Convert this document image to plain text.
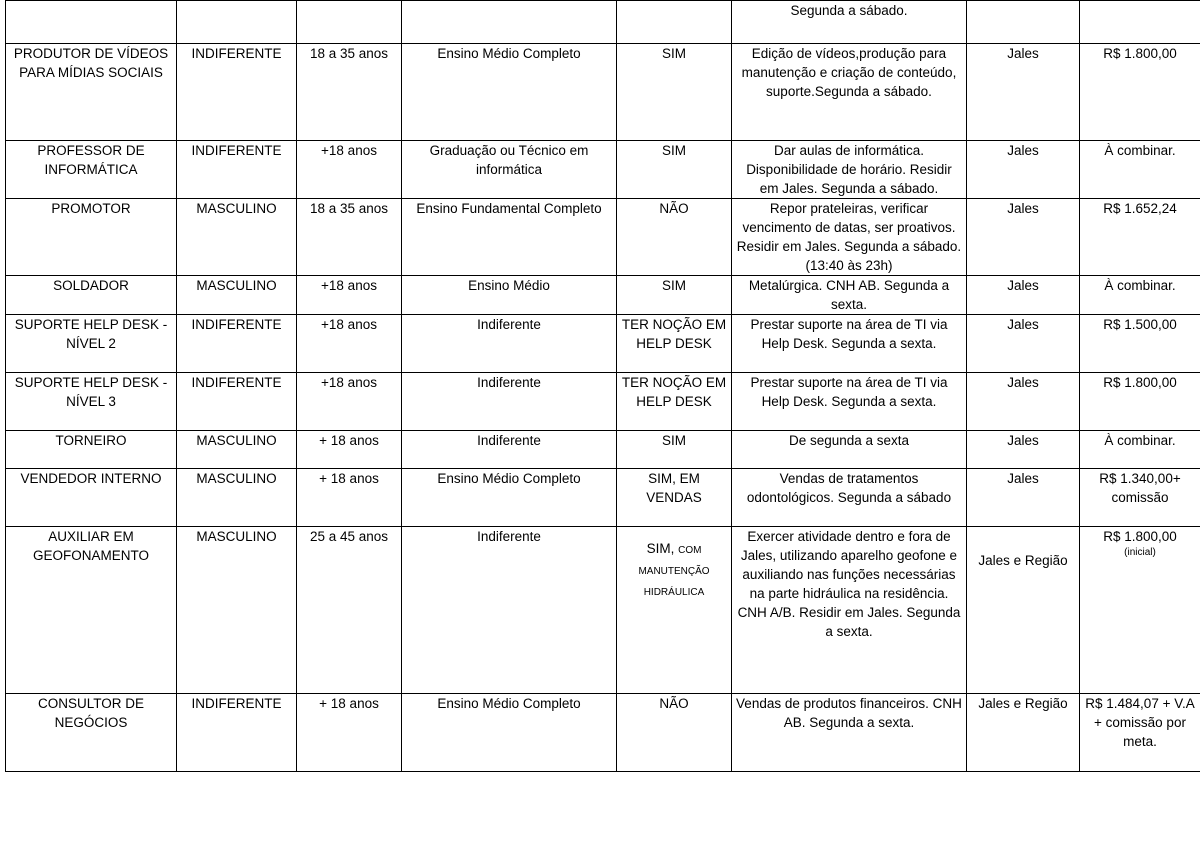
					Segunda a sábado.		
PRODUTOR DE VÍDEOS PARA MÍDIAS SOCIAIS	INDIFERENTE	18 a 35 anos	Ensino Médio Completo	SIM	Edição de vídeos,produção para manutenção e criação de conteúdo, suporte.Segunda a sábado.	Jales	R$ 1.800,00
PROFESSOR DE INFORMÁTICA	INDIFERENTE	+18 anos	Graduação ou Técnico em informática	SIM	Dar aulas de informática. Disponibilidade de horário. Residir em Jales. Segunda a sábado.	Jales	À combinar.
PROMOTOR	MASCULINO	18 a 35 anos	Ensino Fundamental Completo	NÃO	Repor prateleiras, verificar vencimento de datas, ser proativos. Residir em Jales. Segunda a sábado. (13:40 às 23h)	Jales	R$ 1.652,24
SOLDADOR	MASCULINO	+18 anos	Ensino Médio	SIM	Metalúrgica. CNH AB. Segunda a sexta.	Jales	À combinar.
SUPORTE HELP DESK - NÍVEL 2	INDIFERENTE	+18 anos	Indiferente	TER NOÇÃO EM HELP DESK	Prestar suporte na área de TI via Help Desk. Segunda a sexta.	Jales	R$ 1.500,00
SUPORTE HELP DESK - NÍVEL 3	INDIFERENTE	+18 anos	Indiferente	TER NOÇÃO EM HELP DESK	Prestar suporte na área de TI via Help Desk. Segunda a sexta.	Jales	R$ 1.800,00
TORNEIRO	MASCULINO	+ 18 anos	Indiferente	SIM	De segunda a sexta	Jales	À combinar.
VENDEDOR INTERNO	MASCULINO	+ 18 anos	Ensino Médio Completo	SIM, EM VENDAS	Vendas de tratamentos odontológicos. Segunda a sábado	Jales	R$ 1.340,00+ comissão
AUXILIAR EM GEOFONAMENTO	MASCULINO	25 a 45 anos	Indiferente	SIM, COM MANUTENÇÃO HIDRÁULICA	Exercer atividade dentro e fora de Jales, utilizando aparelho geofone e auxiliando nas funções necessárias na parte hidráulica na residência. CNH A/B. Residir em Jales. Segunda a sexta.	Jales e Região	R$ 1.800,00
(inicial)

CONSULTOR DE NEGÓCIOS	INDIFERENTE	+ 18 anos	Ensino Médio Completo	NÃO	Vendas de produtos financeiros. CNH AB. Segunda a sexta.	Jales e Região	R$ 1.484,07 + V.A + comissão por meta.
